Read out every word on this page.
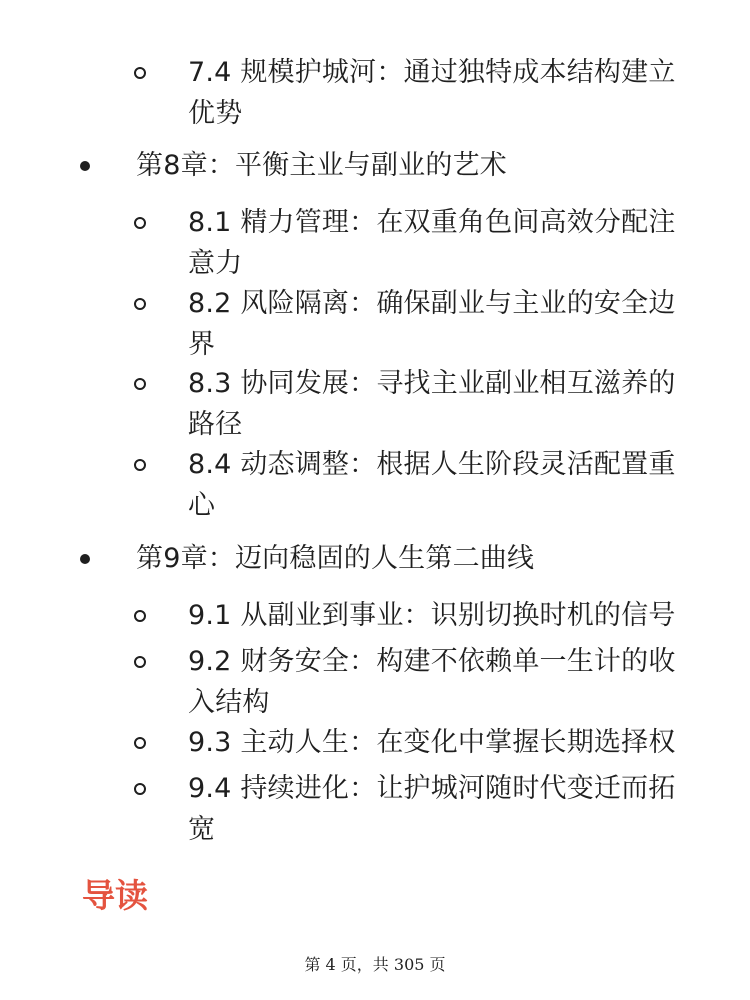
7.4 规模护城河：通过独特成本结构建立优势
第8章：平衡主业与副业的艺术
8.1 精力管理：在双重角色间高效分配注意力
8.2 风险隔离：确保副业与主业的安全边界
8.3 协同发展：寻找主业副业相互滋养的路径
8.4 动态调整：根据人生阶段灵活配置重心
第9章：迈向稳固的人生第二曲线
9.1 从副业到事业：识别切换时机的信号
9.2 财务安全：构建不依赖单一生计的收入结构
9.3 主动人生：在变化中掌握长期选择权
9.4 持续进化：让护城河随时代变迁而拓宽
导读
第 4 页，共 305 页
